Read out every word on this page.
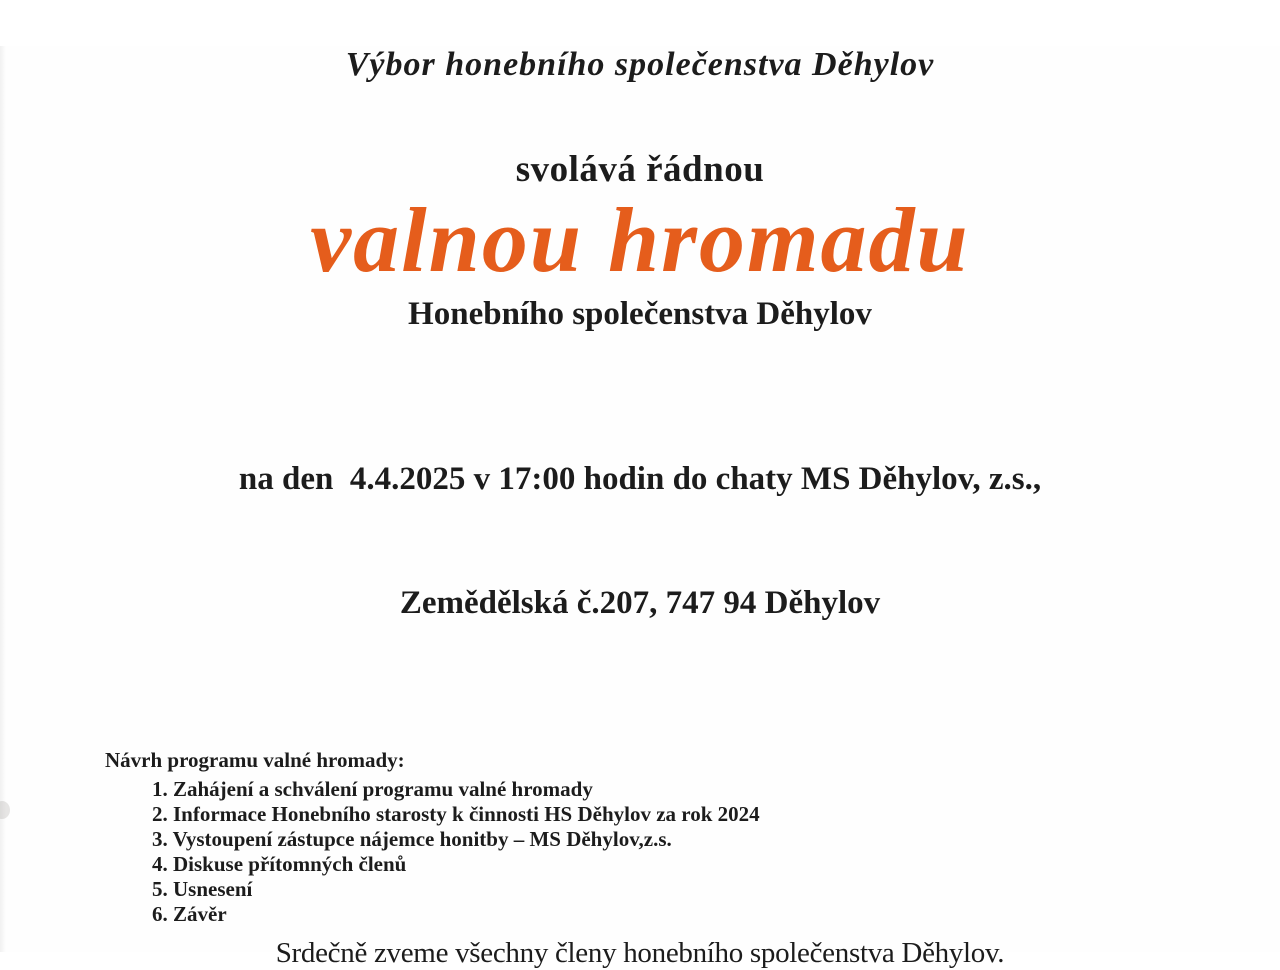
Výbor honebního společenstva Děhylov
svolává řádnou
valnou hromadu
Honebního společenstva Děhylov

na den  4.4.2025 v 17:00 hodin do chaty MS Děhylov, z.s.,

Zemědělská č.207, 747 94 Děhylov

Návrh programu valné hromady:
1. Zahájení a schválení programu valné hromady
2. Informace Honebního starosty k činnosti HS Děhylov za rok 2024
3. Vystoupení zástupce nájemce honitby – MS Děhylov,z.s.
4. Diskuse přítomných členů
5. Usnesení
6. Závěr
Srdečně zveme všechny členy honebního společenstva Děhylov.
